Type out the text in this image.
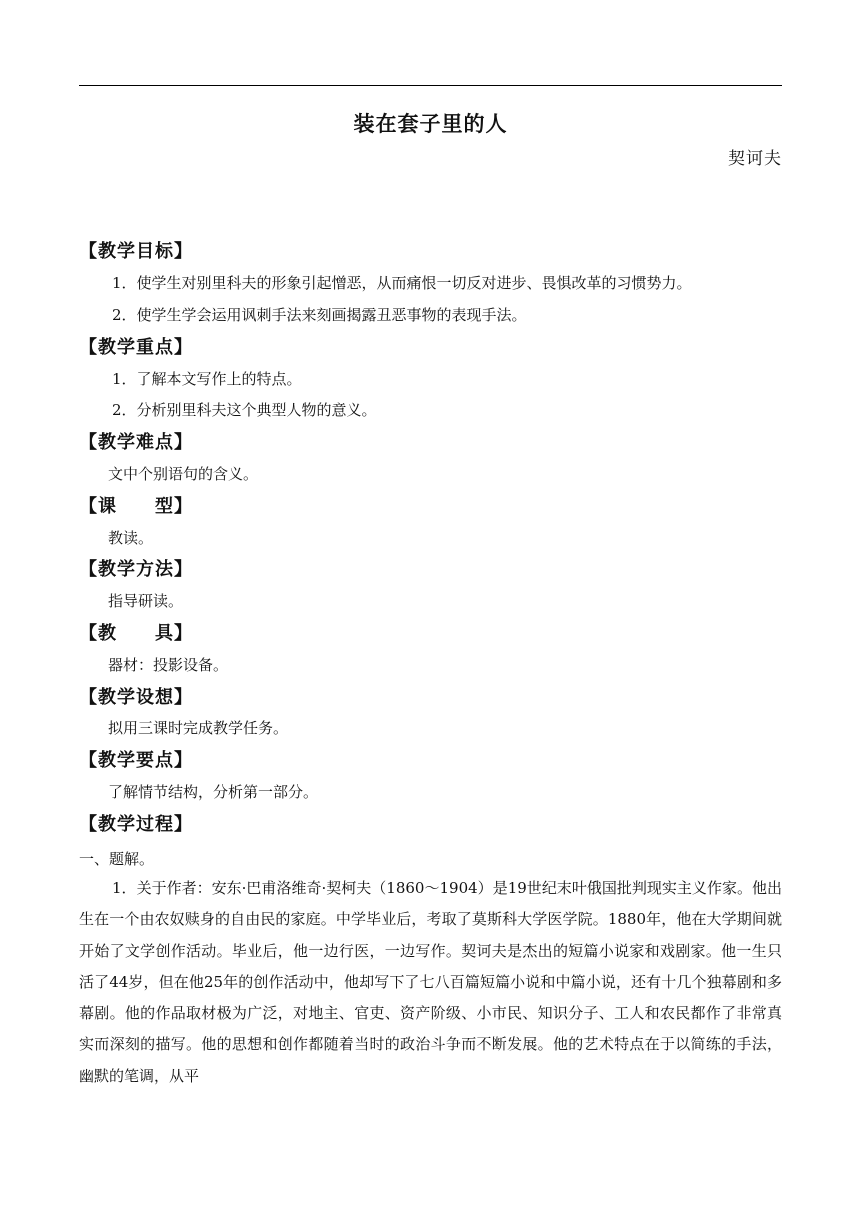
装在套子里的人
契诃夫
【教学目标】
1．使学生对别里科夫的形象引起憎恶，从而痛恨一切反对进步、畏惧改革的习惯势力。
2．使学生学会运用讽刺手法来刻画揭露丑恶事物的表现手法。
【教学重点】
1．了解本文写作上的特点。
2．分析别里科夫这个典型人物的意义。
【教学难点】
文中个别语句的含义。
【课　　型】
教读。
【教学方法】
指导研读。
【教　　具】
器材：投影设备。
【教学设想】
拟用三课时完成教学任务。
【教学要点】
了解情节结构，分析第一部分。
【教学过程】
一、题解。
1．关于作者：安东·巴甫洛维奇·契柯夫（1860～1904）是19世纪末叶俄国批判现实主义作家。他出生在一个由农奴赎身的自由民的家庭。中学毕业后，考取了莫斯科大学医学院。1880年，他在大学期间就开始了文学创作活动。毕业后，他一边行医，一边写作。契诃夫是杰出的短篇小说家和戏剧家。他一生只活了44岁，但在他25年的创作活动中，他却写下了七八百篇短篇小说和中篇小说，还有十几个独幕剧和多幕剧。他的作品取材极为广泛，对地主、官吏、资产阶级、小市民、知识分子、工人和农民都作了非常真实而深刻的描写。他的思想和创作都随着当时的政治斗争而不断发展。他的艺术特点在于以简练的手法，幽默的笔调，从平
